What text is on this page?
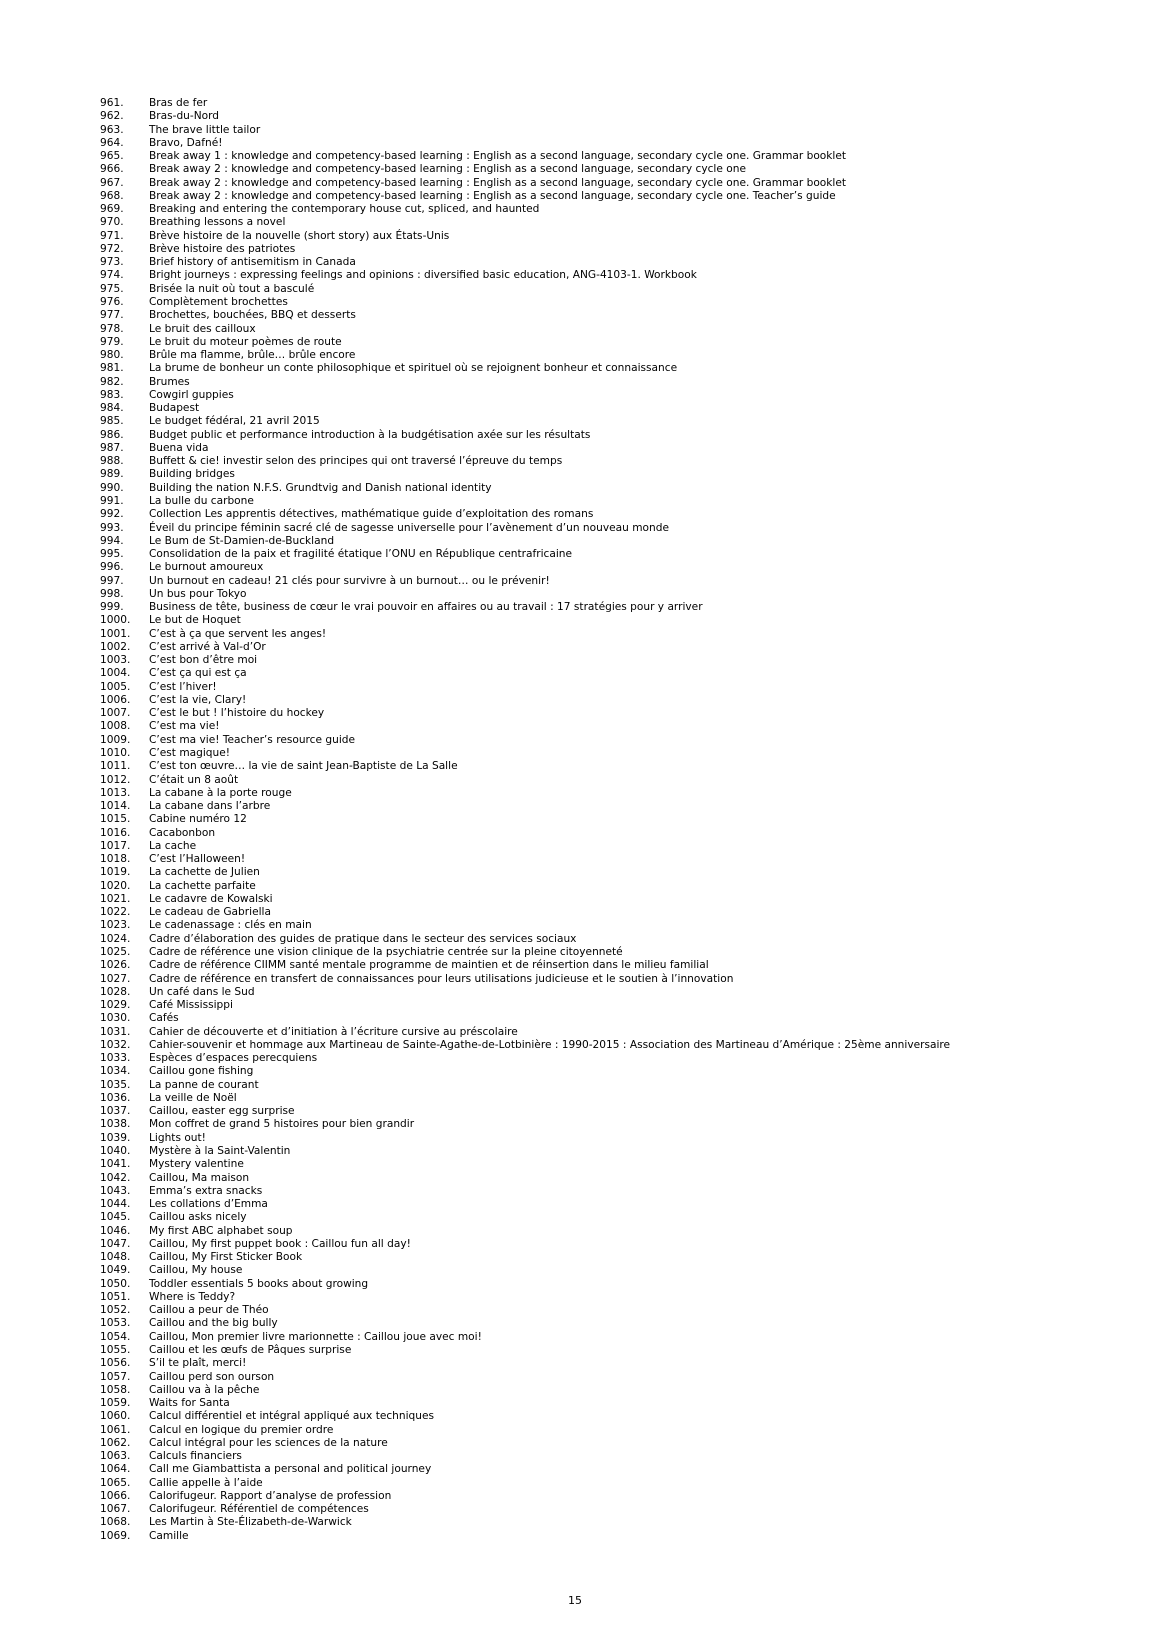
961.	Bras de fer
962.	Bras-du-Nord
963.	The brave little tailor
964.	Bravo, Dafné!
965.	Break away 1 : knowledge and competency-based learning : English as a second language, secondary cycle one. Grammar booklet
966.	Break away 2 : knowledge and competency-based learning : English as a second language, secondary cycle one
967.	Break away 2 : knowledge and competency-based learning : English as a second language, secondary cycle one. Grammar booklet
968.	Break away 2 : knowledge and competency-based learning : English as a second language, secondary cycle one. Teacher’s guide
969.	Breaking and entering the contemporary house cut, spliced, and haunted
970.	Breathing lessons a novel
971.	Brève histoire de la nouvelle (short story) aux États-Unis
972.	Brève histoire des patriotes
973.	Brief history of antisemitism in Canada
974.	Bright journeys : expressing feelings and opinions : diversified basic education, ANG-4103-1. Workbook
975.	Brisée la nuit où tout a basculé
976.	Complètement brochettes
977.	Brochettes, bouchées, BBQ et desserts
978.	Le bruit des cailloux
979.	Le bruit du moteur poèmes de route
980.	Brûle ma flamme, brûle… brûle encore
981.	La brume de bonheur un conte philosophique et spirituel où se rejoignent bonheur et connaissance
982.	Brumes
983.	Cowgirl guppies
984.	Budapest
985.	Le budget fédéral, 21 avril 2015
986.	Budget public et performance introduction à la budgétisation axée sur les résultats
987.	Buena vida
988.	Buffett & cie! investir selon des principes qui ont traversé l’épreuve du temps
989.	Building bridges
990.	Building the nation N.F.S. Grundtvig and Danish national identity
991.	La bulle du carbone
992.	Collection Les apprentis détectives, mathématique guide d’exploitation des romans
993.	Éveil du principe féminin sacré clé de sagesse universelle pour l’avènement d’un nouveau monde
994.	Le Bum de St-Damien-de-Buckland
995.	Consolidation de la paix et fragilité étatique l’ONU en République centrafricaine
996.	Le burnout amoureux
997.	Un burnout en cadeau! 21 clés pour survivre à un burnout… ou le prévenir!
998.	Un bus pour Tokyo
999.	Business de tête, business de cœur le vrai pouvoir en affaires ou au travail : 17 stratégies pour y arriver
1000.	Le but de Hoquet
1001.	C’est à ça que servent les anges!
1002.	C’est arrivé à Val-d’Or
1003.	C’est bon d’être moi
1004.	C’est ça qui est ça
1005.	C’est l’hiver!
1006.	C’est la vie, Clary!
1007.	C’est le but ! l’histoire du hockey
1008.	C’est ma vie!
1009.	C’est ma vie! Teacher’s resource guide
1010.	C’est magique!
1011.	C’est ton œuvre… la vie de saint Jean-Baptiste de La Salle
1012.	C’était un 8 août
1013.	La cabane à la porte rouge
1014.	La cabane dans l’arbre
1015.	Cabine numéro 12
1016.	Cacabonbon
1017.	La cache
1018.	C’est l’Halloween!
1019.	La cachette de Julien
1020.	La cachette parfaite
1021.	Le cadavre de Kowalski
1022.	Le cadeau de Gabriella
1023.	Le cadenassage : clés en main
1024.	Cadre d’élaboration des guides de pratique dans le secteur des services sociaux
1025.	Cadre de référence une vision clinique de la psychiatrie centrée sur la pleine citoyenneté
1026.	Cadre de référence CIIMM santé mentale programme de maintien et de réinsertion dans le milieu familial
1027.	Cadre de référence en transfert de connaissances pour leurs utilisations judicieuse et le soutien à l’innovation
1028.	Un café dans le Sud
1029.	Café Mississippi
1030.	Cafés
1031.	Cahier de découverte et d’initiation à l’écriture cursive au préscolaire
1032.	Cahier-souvenir et hommage aux Martineau de Sainte-Agathe-de-Lotbinière : 1990-2015 : Association des Martineau d’Amérique : 25ème anniversaire
1033.	Espèces d’espaces perecquiens
1034.	Caillou gone fishing
1035.	La panne de courant
1036.	La veille de Noël
1037.	Caillou, easter egg surprise
1038.	Mon coffret de grand 5 histoires pour bien grandir
1039.	Lights out!
1040.	Mystère à la Saint-Valentin
1041.	Mystery valentine
1042.	Caillou, Ma maison
1043.	Emma’s extra snacks
1044.	Les collations d’Emma
1045.	Caillou asks nicely
1046.	My first ABC alphabet soup
1047.	Caillou, My first puppet book : Caillou fun all day!
1048.	Caillou, My First Sticker Book
1049.	Caillou, My house
1050.	Toddler essentials 5 books about growing
1051.	Where is Teddy?
1052.	Caillou a peur de Théo
1053.	Caillou and the big bully
1054.	Caillou, Mon premier livre marionnette : Caillou joue avec moi!
1055.	Caillou et les œufs de Pâques surprise
1056.	S’il te plaît, merci!
1057.	Caillou perd son ourson
1058.	Caillou va à la pêche
1059.	Waits for Santa
1060.	Calcul différentiel et intégral appliqué aux techniques
1061.	Calcul en logique du premier ordre
1062.	Calcul intégral pour les sciences de la nature
1063.	Calculs financiers
1064.	Call me Giambattista a personal and political journey
1065.	Callie appelle à l’aide
1066.	Calorifugeur. Rapport d’analyse de profession
1067.	Calorifugeur. Référentiel de compétences
1068.	Les Martin à Ste-Élizabeth-de-Warwick
1069.	Camille
15
